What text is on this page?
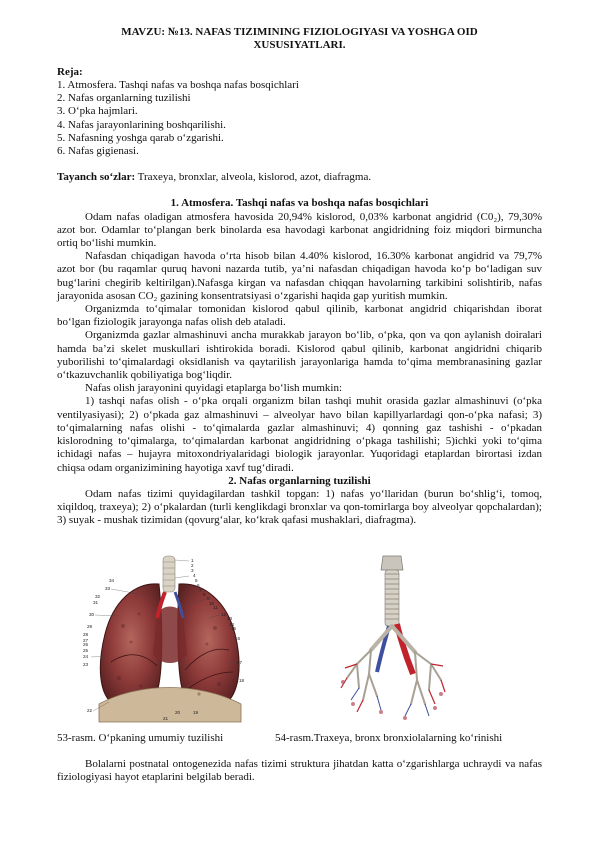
MAVZU: №13. NAFAS TIZIMINING FIZIOLOGIYASI VA YOSHGA OID
XUSUSIYATLARI.

Reja:

1. Atmosfera. Tashqi nafas va boshqa nafas bosqichlari

2. Nafas organlarning tuzilishi

3. O‘pka hajmlari.

4. Nafas jarayonlarining boshqarilishi.

5. Nafasning yoshga qarab o‘zgarishi.

6. Nafas gigienasi.

Tayanch so‘zlar: Traxeya, bronxlar, alveola, kislorod, azot, diafragma.

1. Atmosfera. Tashqi nafas va boshqa nafas bosqichlari

Odam nafas oladigan atmosfera havosida 20,94% kislorod, 0,03% karbonat angidrid (C0₂), 79,30% azot bor. Odamlar to‘plangan berk binolarda esa havodagi karbonat angidridning foiz miqdori birmuncha ortiq bo‘lishi mumkin.

Nafasdan chiqadigan havoda o‘rta hisob bilan 4.40% kislorod, 16.30% karbonat angidrid va 79,7% azot bor (bu raqamlar quruq havoni nazarda tutib, ya’ni nafasdan chiqadigan havoda ko‘p bo‘ladigan suv bug‘larini chegirib keltirilgan).Nafasga kirgan va nafasdan chiqqan havolarning tarkibini solishtirib, nafas jarayonida asosan CO₂ gazining konsentratsiyasi o‘zgarishi haqida gap yuritish mumkin.

Organizmda to‘qimalar tomonidan kislorod qabul qilinib, karbonat angidrid chiqarishdan iborat bo‘lgan fiziologik jarayonga nafas olish deb ataladi.

Organizmda gazlar almashinuvi ancha murakkab jarayon bo‘lib, o‘pka, qon va qon aylanish doiralari hamda ba’zi skelet muskullari ishtirokida boradi. Kislorod qabul qilinib, karbonat angidridni chiqarib yuborilishi to‘qimalardagi oksidlanish va qaytarilish jarayonlariga hamda to‘qima membranasining gazlar o‘tkazuvchanlik qobiliyatiga bog‘liqdir.

Nafas olish jarayonini quyidagi etaplarga bo‘lish mumkin:

1) tashqi nafas olish - o‘pka orqali organizm bilan tashqi muhit orasida gazlar almashinuvi (o‘pka ventilyasiyasi); 2) o‘pkada gaz almashinuvi – alveolyar havo bilan kapillyarlardagi qon-o‘pka nafasi; 3) to‘qimalarning nafas olishi - to‘qimalarda gazlar almashinuvi; 4) qonning gaz tashishi - o‘pkadan kislorodning to‘qimalarga, to‘qimalardan karbonat angidridning o‘pkaga tashilishi; 5)ichki yoki to‘qima ichidagi nafas – hujayra mitoxondriyalaridagi biologik jarayonlar. Yuqoridagi etaplardan birortasi izdan chiqsa odam organizimining hayotiga xavf tug‘diradi.

2. Nafas organlarning tuzilishi

Odam nafas tizimi quyidagilardan tashkil topgan: 1) nafas yo‘llaridan (burun bo‘shlig‘i, tomoq, xiqildoq, traxeya); 2) o‘pkalardan (turli kenglikdagi bronxlar va qon-tomirlarga boy alveolyar qopchalardan); 3) suyak - mushak tizimidan (qovurg‘alar, ko‘krak qafasi mushaklari, diafragma).

1
2
3
4
5
6
7
8
9
10
11
12
13
14
15
16
17
18
19
20
21
22
23
24
25
26
27
28
29
30
31
32
33
34
53-rasm. O‘pkaning umumiy tuzilishi	54-rasm.Traxeya, bronx bronxiolalarning ko‘rinishi

Bolalarni postnatal ontogenezida nafas tizimi struktura jihatdan katta o‘zgarishlarga uchraydi va nafas fiziologiyasi hayot etaplarini belgilab beradi.
